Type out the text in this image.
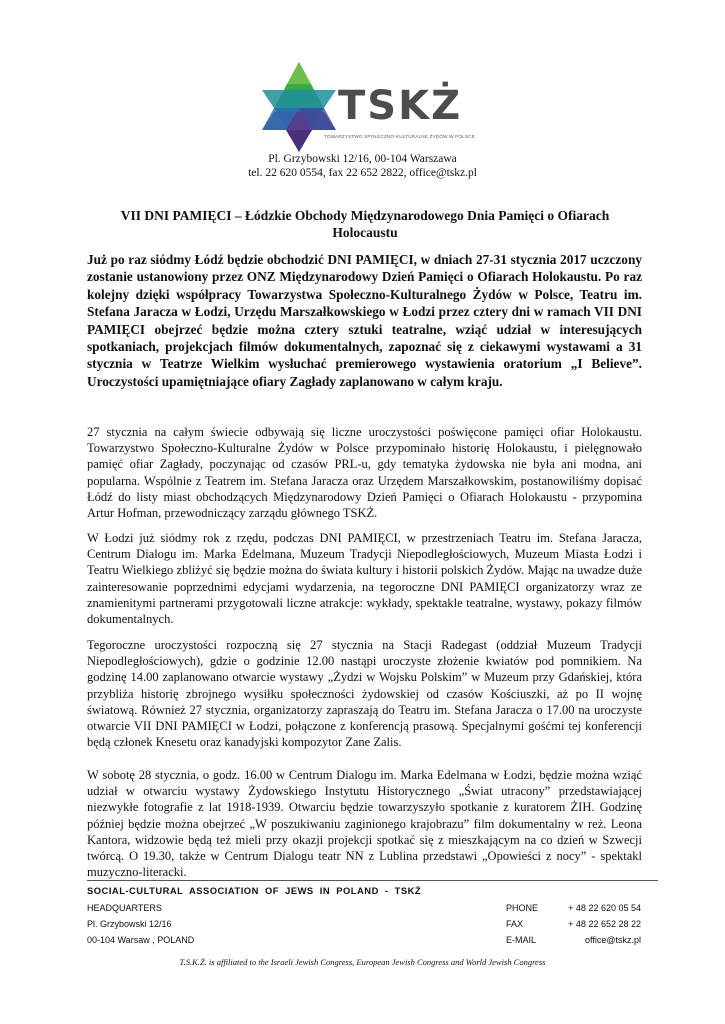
TSKŻ
TOWARZYSTWO SPOŁECZNO-KULTURALNE ŻYDÓW W POLSCE
Pl. Grzybowski 12/16, 00-104 Warszawa
tel. 22 620 0554, fax 22 652 2822, office@tskz.pl
VII DNI PAMIĘCI – Łódzkie Obchody Międzynarodowego Dnia Pamięci o Ofiarach Holocaustu
Już po raz siódmy Łódź będzie obchodzić DNI PAMIĘCI, w dniach 27-31 stycznia 2017 uczczony zostanie ustanowiony przez ONZ Międzynarodowy Dzień Pamięci o Ofiarach Holokaustu. Po raz kolejny dzięki współpracy Towarzystwa Społeczno-Kulturalnego Żydów w Polsce, Teatru im. Stefana Jaracza w Łodzi, Urzędu Marszałkowskiego w Łodzi przez cztery dni w ramach VII DNI PAMIĘCI obejrzeć będzie można cztery sztuki teatralne, wziąć udział w interesujących spotkaniach, projekcjach filmów dokumentalnych, zapoznać się z ciekawymi wystawami a 31 stycznia w Teatrze Wielkim wysłuchać premierowego wystawienia oratorium „I Believe”. Uroczystości upamiętniające ofiary Zagłady zaplanowano w całym kraju.
27 stycznia na całym świecie odbywają się liczne uroczystości poświęcone pamięci ofiar Holokaustu. Towarzystwo Społeczno-Kulturalne Żydów w Polsce przypominało historię Holokaustu, i pielęgnowało pamięć ofiar Zagłady, poczynając od czasów PRL-u, gdy tematyka żydowska nie była ani modna, ani popularna. Wspólnie z Teatrem im. Stefana Jaracza oraz Urzędem Marszałkowskim, postanowiliśmy dopisać Łódź do listy miast obchodzących Międzynarodowy Dzień Pamięci o Ofiarach Holokaustu - przypomina Artur Hofman, przewodniczący zarządu głównego TSKŻ.
W Łodzi już siódmy rok z rzędu, podczas DNI PAMIĘCI, w przestrzeniach Teatru im. Stefana Jaracza, Centrum Dialogu im. Marka Edelmana, Muzeum Tradycji Niepodległościowych, Muzeum Miasta Łodzi i Teatru Wielkiego zbliżyć się będzie można do świata kultury i historii polskich Żydów. Mając na uwadze duże zainteresowanie poprzednimi edycjami wydarzenia, na tegoroczne DNI PAMIĘCI organizatorzy wraz ze znamienitymi partnerami przygotowali liczne atrakcje: wykłady, spektakle teatralne, wystawy, pokazy filmów dokumentalnych.
Tegoroczne uroczystości rozpoczną się 27 stycznia na Stacji Radegast (oddział Muzeum Tradycji Niepodległościowych), gdzie o godzinie 12.00 nastąpi uroczyste złożenie kwiatów pod pomnikiem. Na godzinę 14.00 zaplanowano otwarcie wystawy „Żydzi w Wojsku Polskim” w Muzeum przy Gdańskiej, która przybliża historię zbrojnego wysiłku społeczności żydowskiej od czasów Kościuszki, aż po II wojnę światową. Również 27 stycznia, organizatorzy zapraszają do Teatru im. Stefana Jaracza o 17.00 na uroczyste otwarcie VII DNI PAMIĘCI w Łodzi, połączone z konferencją prasową. Specjalnymi gośćmi tej konferencji będą członek Knesetu oraz kanadyjski kompozytor Zane Zalis.
W sobotę 28 stycznia, o godz. 16.00 w Centrum Dialogu im. Marka Edelmana w Łodzi, będzie można wziąć udział w otwarciu wystawy Żydowskiego Instytutu Historycznego „Świat utracony” przedstawiającej niezwykłe fotografie z lat 1918-1939. Otwarciu będzie towarzyszyło spotkanie z kuratorem ŻIH. Godzinę później będzie można obejrzeć „W poszukiwaniu zaginionego krajobrazu” film dokumentalny w reż. Leona Kantora, widzowie będą też mieli przy okazji projekcji spotkać się z mieszkającym na co dzień w Szwecji twórcą. O 19.30, także w Centrum Dialogu teatr NN z Lublina przedstawi „Opowieści z nocy” - spektakl muzyczno-literacki.
SOCIAL-CULTURAL ASSOCIATION OF JEWS IN POLAND - TSKŻ
HEADQUARTERS
Pl. Grzybowski 12/16
00-104 Warsaw , POLAND
PHONE	+ 48 22 620 05 54
FAX	+ 48 22 652 28 22
E-MAIL	office@tskz.pl
T.S.K.Ż. is affiliated to the Israeli Jewish Congress, European Jewish Congress and World Jewish Congress
